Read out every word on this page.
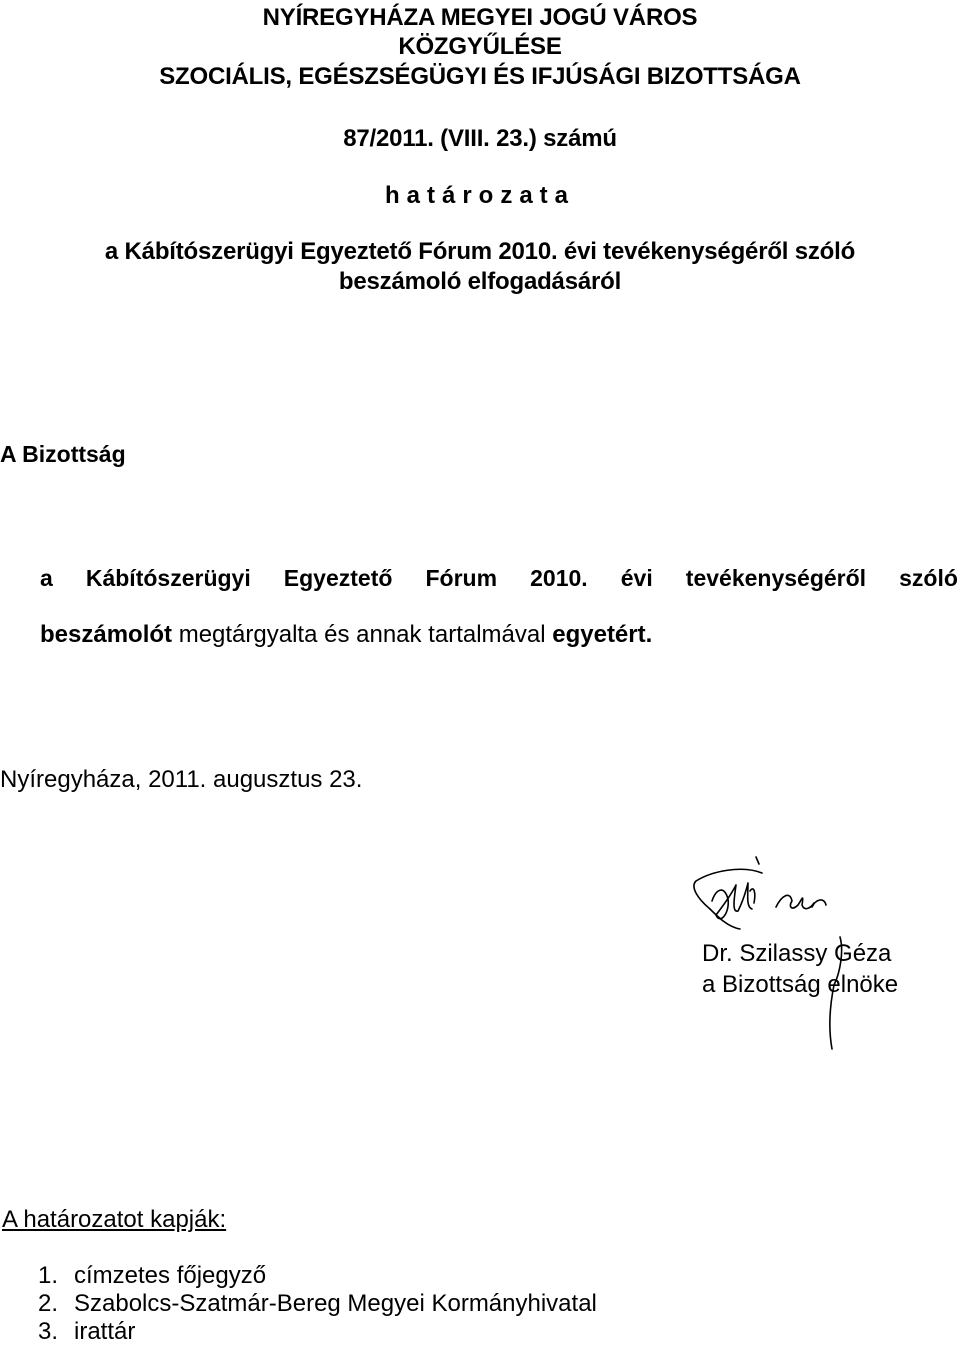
NYÍREGYHÁZA MEGYEI JOGÚ VÁROS
KÖZGYŰLÉSE
SZOCIÁLIS, EGÉSZSÉGÜGYI ÉS IFJÚSÁGI BIZOTTSÁGA
87/2011. (VIII. 23.) számú
határozata
a Kábítószerügyi Egyeztető Fórum 2010. évi tevékenységéről szóló
beszámoló elfogadásáról
A Bizottság
a Kábítószerügyi Egyeztető Fórum 2010. évi tevékenységéről szóló
beszámolót megtárgyalta és annak tartalmával egyetért.
Nyíregyháza, 2011. augusztus 23.
Dr. Szilassy Géza
a Bizottság elnöke
A határozatot kapják:
1. címzetes főjegyző
2. Szabolcs-Szatmár-Bereg Megyei Kormányhivatal
3. irattár
